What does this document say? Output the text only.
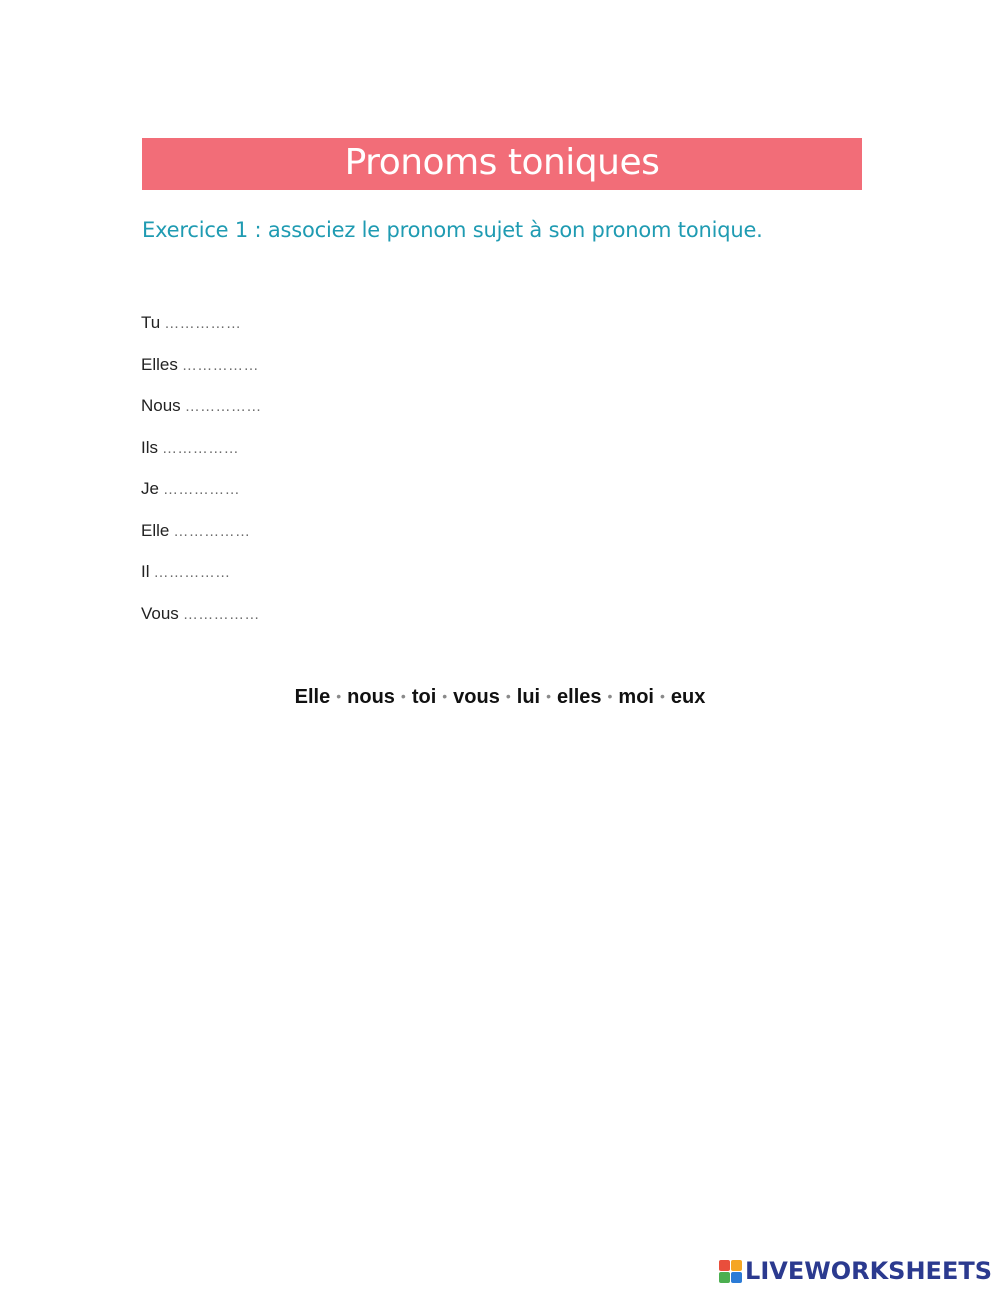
Pronoms toniques
Exercice 1 : associez le pronom sujet à son pronom tonique.
Tu ……………
Elles ……………
Nous ……………
Ils ……………
Je ……………
Elle ……………
Il ……………
Vous ……………
Elle • nous • toi • vous • lui • elles • moi • eux
LIVEWORKSHEETS
